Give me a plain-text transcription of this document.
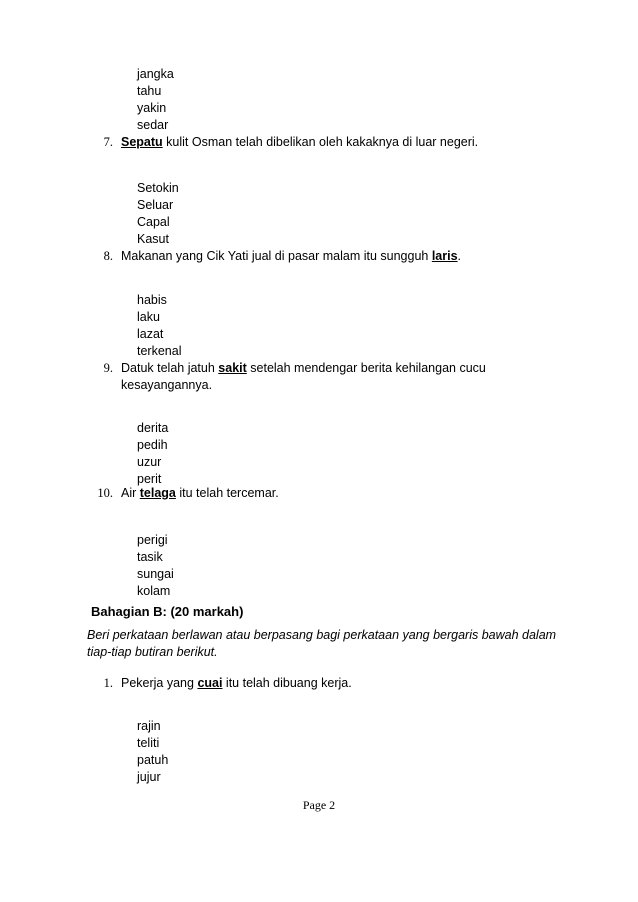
jangka
tahu
yakin
sedar
7. Sepatu kulit Osman telah dibelikan oleh kakaknya di luar negeri.
Setokin
Seluar
Capal
Kasut
8. Makanan yang Cik Yati jual di pasar malam itu sungguh laris.
habis
laku
lazat
terkenal
9. Datuk telah jatuh sakit setelah mendengar berita kehilangan cucu
kesayangannya.
derita
pedih
uzur
perit
10. Air telaga itu telah tercemar.
perigi
tasik
sungai
kolam
Bahagian B: (20 markah)
Beri perkataan berlawan atau berpasang bagi perkataan yang bergaris bawah dalam tiap-tiap butiran berikut.
1. Pekerja yang cuai itu telah dibuang kerja.
rajin
teliti
patuh
jujur
Page 2
